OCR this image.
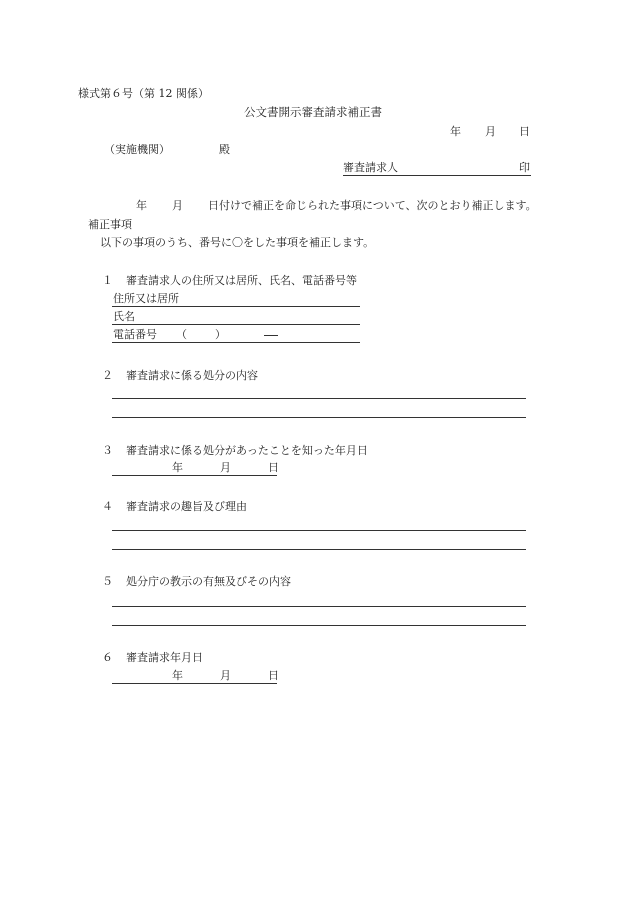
様式第６号（第 12 関係）
公文書開示審査請求補正書
年 月 日
（実施機関）	殿
審査請求人	印
年 月 日付けで補正を命じられた事項について、次のとおり補正します。
補正事項
以下の事項のうち、番号に〇をした事項を補正します。
１ 審査請求人の住所又は居所、氏名、電話番号等
住所又は居所
氏名
電話番号 （	）
２ 審査請求に係る処分の内容
３ 審査請求に係る処分があったことを知った年月日
年	月	日
４ 審査請求の趣旨及び理由
５ 処分庁の教示の有無及びその内容
６ 審査請求年月日
年	月	日
